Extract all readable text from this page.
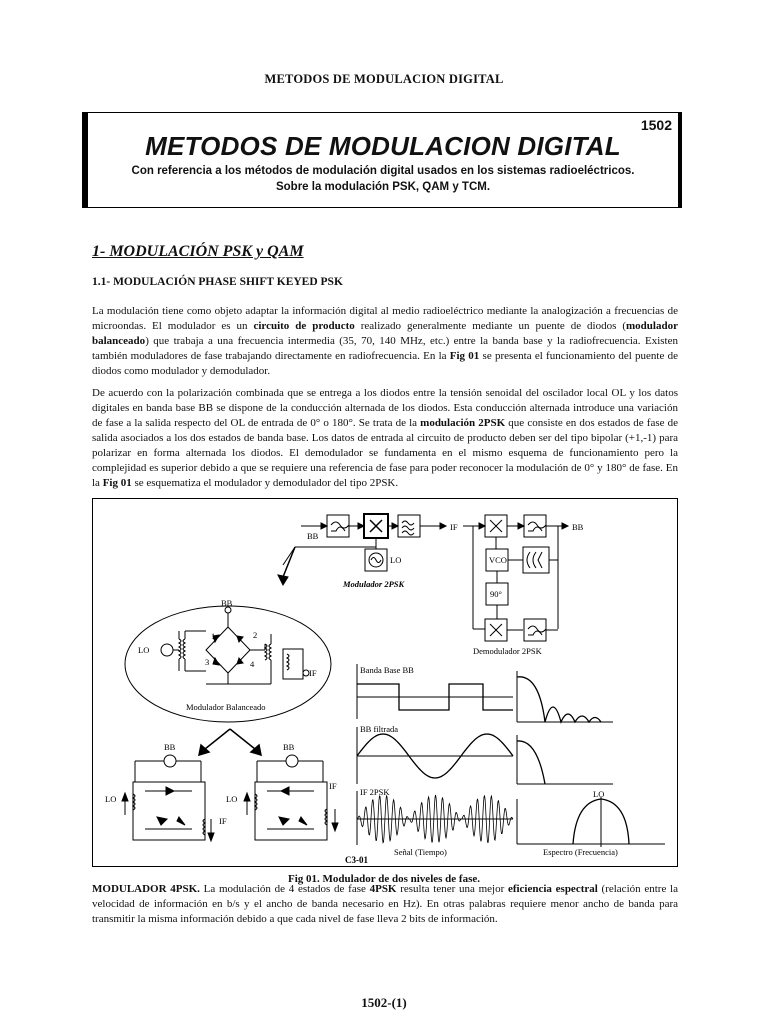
METODOS DE MODULACION DIGITAL
1502
METODOS DE MODULACION DIGITAL
Con referencia a los métodos de modulación digital usados en los sistemas radioeléctricos.
Sobre la modulación PSK, QAM y TCM.
1- MODULACIÓN PSK y QAM
1.1- MODULACIÓN PHASE SHIFT KEYED PSK

La modulación tiene como objeto adaptar la información digital al medio radioeléctrico mediante la analogización a frecuencias de microondas. El modulador es un circuito de producto realizado generalmente mediante un puente de diodos (modulador balanceado) que trabaja a una frecuencia intermedia (35, 70, 140 MHz, etc.) entre la banda base y la radiofrecuencia. Existen también moduladores de fase trabajando directamente en radiofrecuencia. En la Fig 01 se presenta el funcionamiento del puente de diodos como modulador y demodulador.

De acuerdo con la polarización combinada que se entrega a los diodos entre la tensión senoidal del oscilador local OL y los datos digitales en banda base BB se dispone de la conducción alternada de los diodos. Esta conducción alternada introduce una variación de fase a la salida respecto del OL de entrada de 0° o 180°. Se trata de la modulación 2PSK que consiste en dos estados de fase de salida asociados a los dos estados de banda base. Los datos de entrada al circuito de producto deben ser del tipo bipolar (+1,-1) para polarizar en forma alternada los diodos. El demodulador se fundamenta en el mismo esquema de funcionamiento pero la complejidad es superior debido a que se requiere una referencia de fase para poder reconocer la modulación de 0° y 180° de fase. En la Fig 01 se esquematiza el modulador y demodulador del tipo 2PSK.

BB
IF
LO
Modulador 2PSK
BB
VCO
90°
Demodulador 2PSK
BB
LO
IF
1	2
3	4
Modulador Balanceado
BB
LO
IF
BB
LO
IF
Banda Base BB
BB filtrada
IF 2PSK	LO
Señal (Tiempo)	Espectro (Frecuencia)
C3-01
Fig 01. Modulador de dos niveles de fase.

MODULADOR 4PSK. La modulación de 4 estados de fase 4PSK resulta tener una mejor eficiencia espectral (relación entre la velocidad de información en b/s y el ancho de banda necesario en Hz). En otras palabras requiere menor ancho de banda para transmitir la misma información debido a que cada nivel de fase lleva 2 bits de información.

1502-(1)
